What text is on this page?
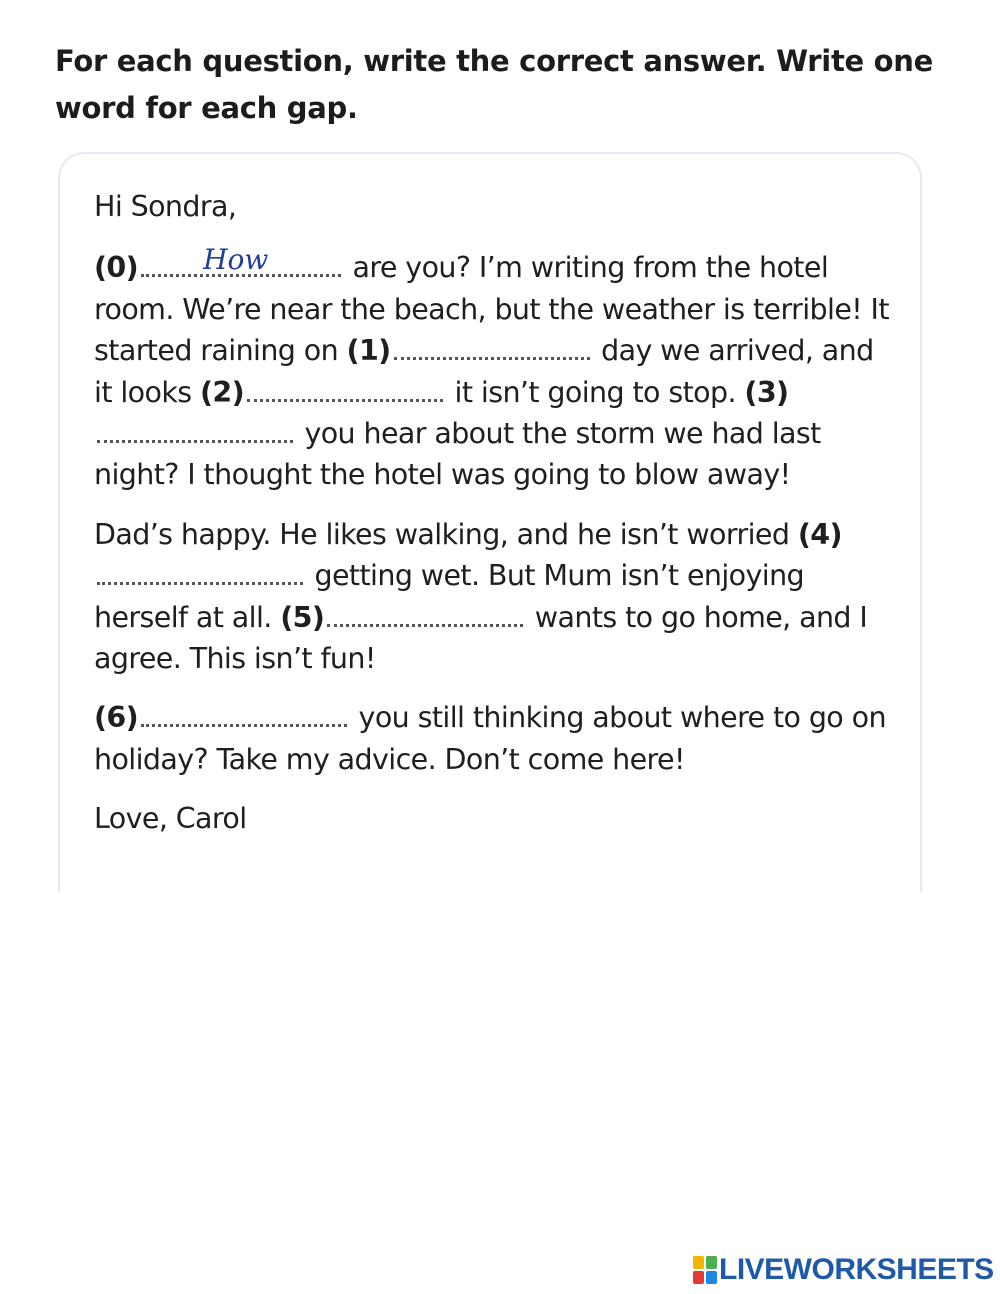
For each question, write the correct answer. Write one word for each gap.

Hi Sondra,

(0) How	are you? I’m writing from the hotel room. We’re near the beach, but the weather is terrible! It started raining on (1)	day we arrived, and it looks (2)	it isn’t going to stop. (3) you hear about the storm we had last night? I thought the hotel was going to blow away!

Dad’s happy. He likes walking, and he isn’t worried (4) getting wet. But Mum isn’t enjoying herself at all. (5)	wants to go home, and I agree. This isn’t fun!

(6)	you still thinking about where to go on holiday? Take my advice. Don’t come here!

Love, Carol

LIVEWORKSHEETS
